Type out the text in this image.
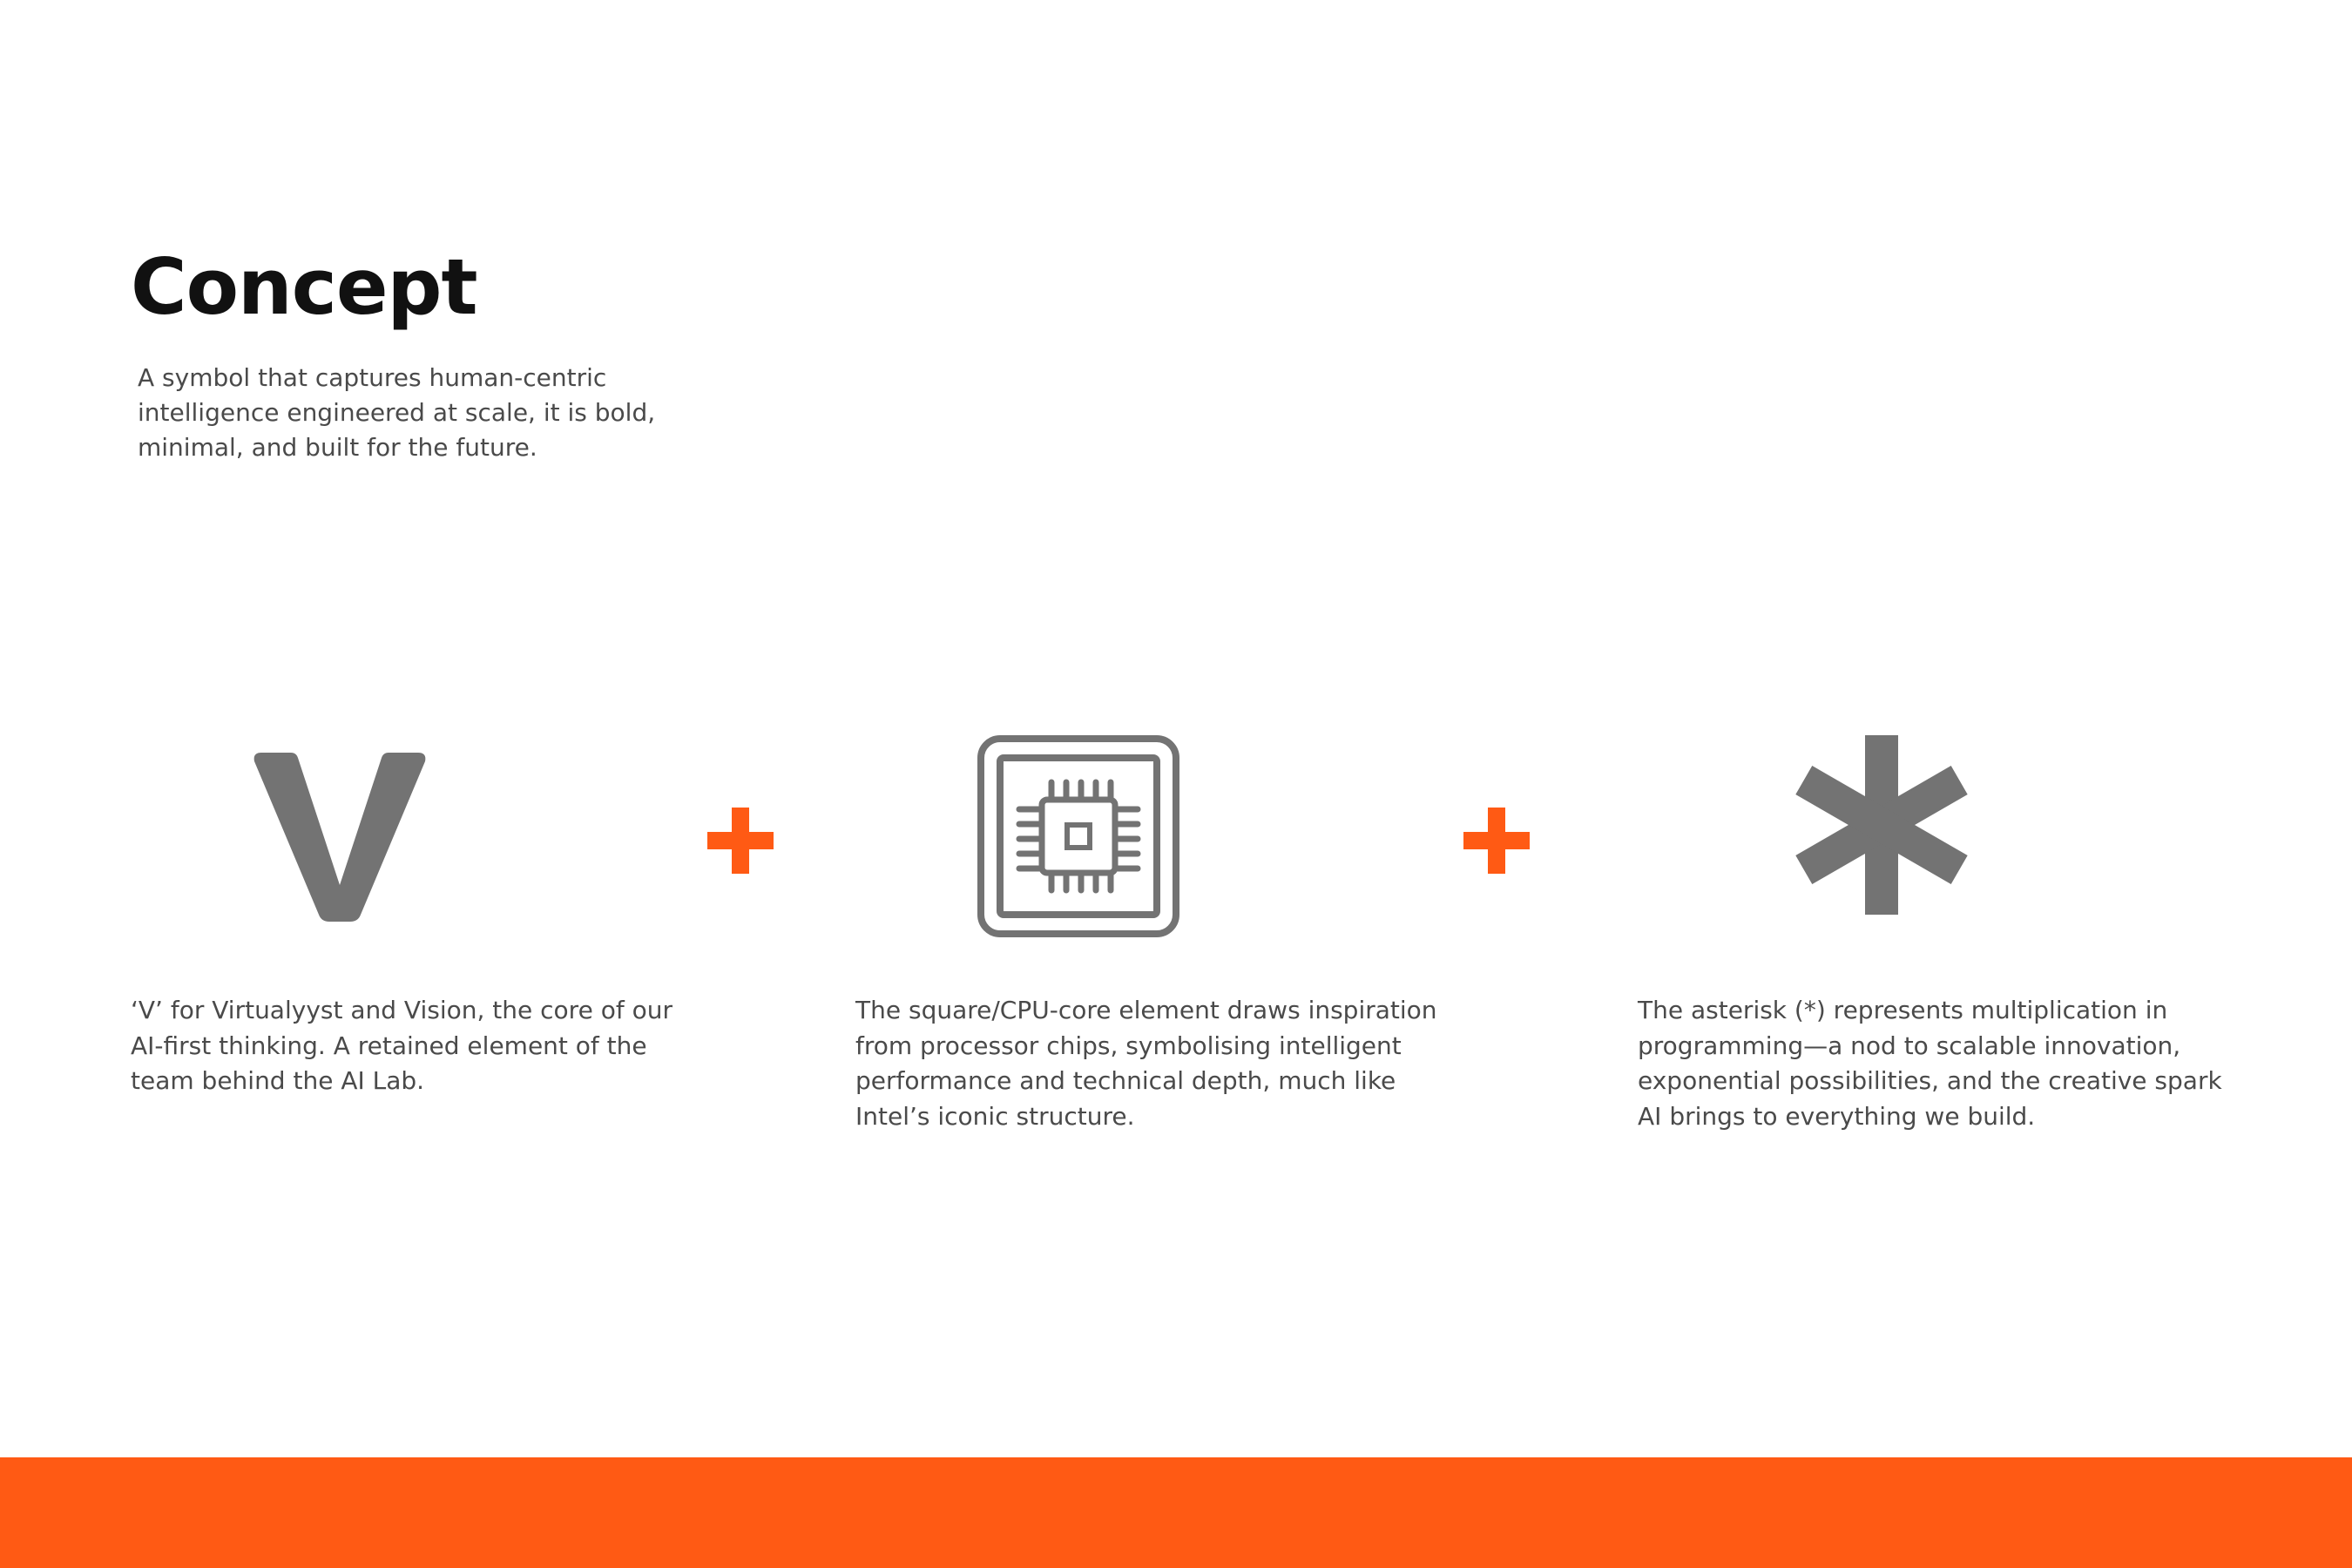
Concept

A symbol that captures human-centric intelligence engineered at scale, it is bold, minimal, and built for the future.

‘V’ for Virtualyyst and Vision, the core of our AI-first thinking. A retained element of the team behind the AI Lab.

The square/CPU-core element draws inspiration from processor chips, symbolising intelligent performance and technical depth, much like Intel’s iconic structure.

The asterisk (*) represents multiplication in programming—a nod to scalable innovation, exponential possibilities, and the creative spark AI brings to everything we build.
